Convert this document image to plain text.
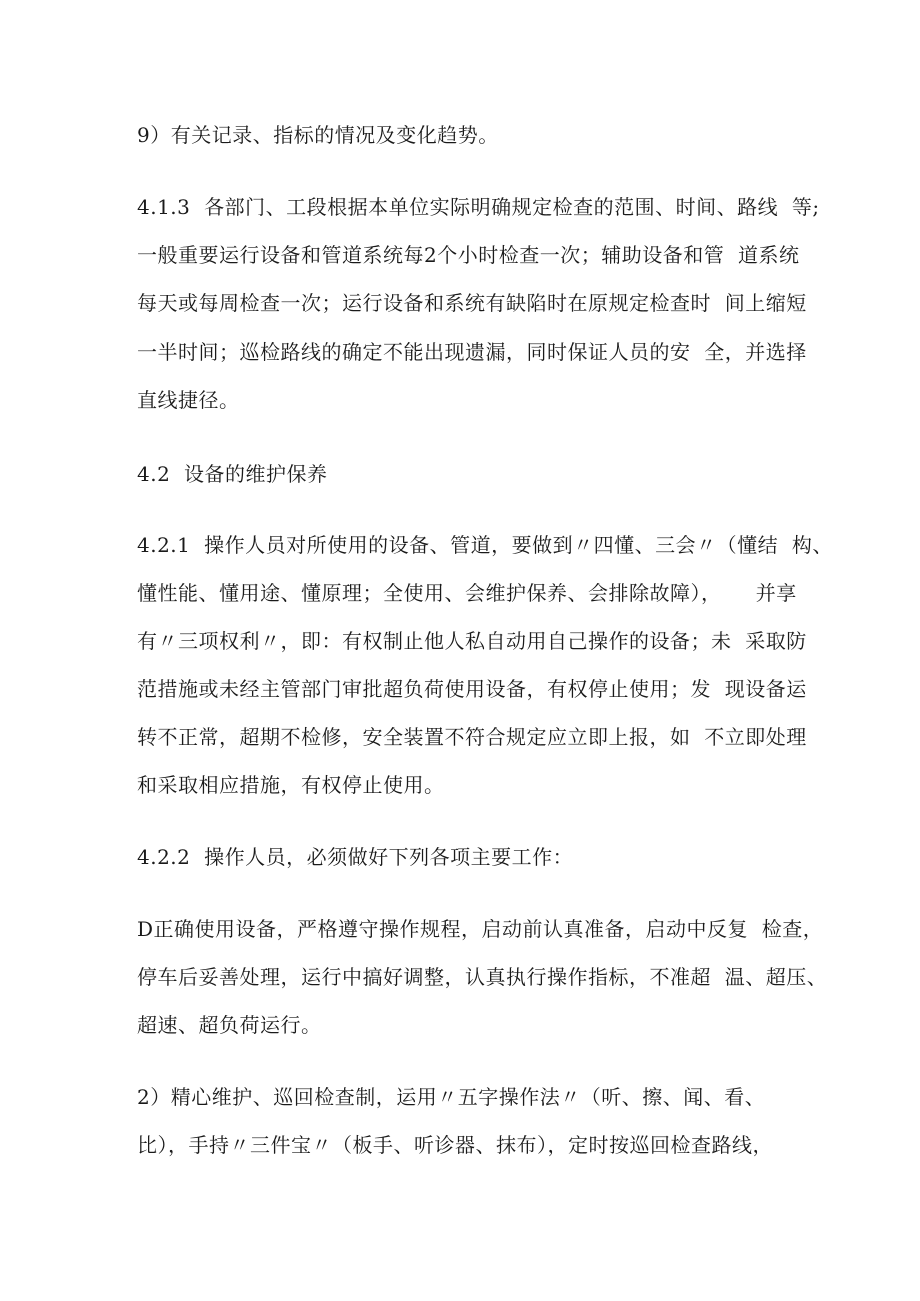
9）有关记录、指标的情况及变化趋势。
4.1.3  各部门、工段根据本单位实际明确规定检查的范围、时间、路线  等;
一般重要运行设备和管道系统每2个小时检查一次；辅助设备和管  道系统
每天或每周检查一次；运行设备和系统有缺陷时在原规定检查时  间上缩短
一半时间；巡检路线的确定不能出现遗漏，同时保证人员的安  全，并选择
直线捷径。
4.2  设备的维护保养
4.2.1  操作人员对所使用的设备、管道，要做到〃四懂、三会〃（懂结  构、
懂性能、懂用途、懂原理；全使用、会维护保养、会排除故障），     并享
有〃三项权利〃，即：有权制止他人私自动用自己操作的设备；未  采取防
范措施或未经主管部门审批超负荷使用设备，有权停止使用；发  现设备运
转不正常，超期不检修，安全装置不符合规定应立即上报，如  不立即处理
和采取相应措施，有权停止使用。
4.2.2  操作人员，必须做好下列各项主要工作：
D正确使用设备，严格遵守操作规程，启动前认真准备，启动中反复  检查，
停车后妥善处理，运行中搞好调整，认真执行操作指标，不准超  温、超压、
超速、超负荷运行。
2）精心维护、巡回检查制，运用〃五字操作法〃（听、擦、闻、看、
比），手持〃三件宝〃（板手、听诊器、抹布），定时按巡回检查路线，
